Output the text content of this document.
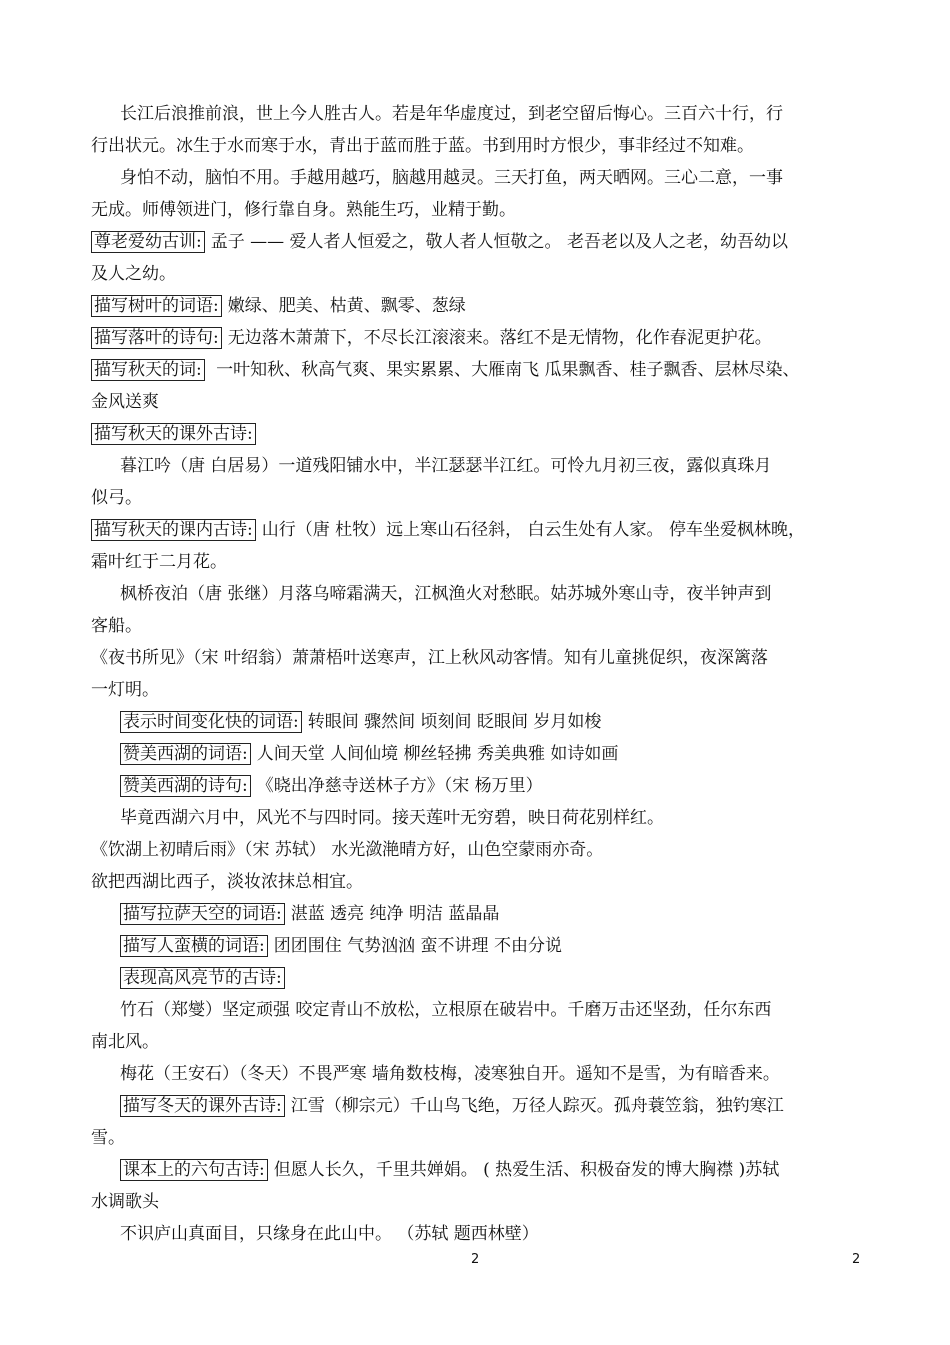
长江后浪推前浪，世上今人胜古人。若是年华虚度过，到老空留后悔心。三百六十行，行
行出状元。冰生于水而寒于水，青出于蓝而胜于蓝。书到用时方恨少，事非经过不知难。
身怕不动，脑怕不用。手越用越巧，脑越用越灵。三天打鱼，两天晒网。三心二意，一事
无成。师傅领进门，修行靠自身。熟能生巧，业精于勤。
尊老爱幼古训: 孟子 —— 爱人者人恒爱之，敬人者人恒敬之。 老吾老以及人之老，幼吾幼以
及人之幼。
描写树叶的词语: 嫩绿、肥美、枯黄、飘零、葱绿
描写落叶的诗句: 无边落木萧萧下，不尽长江滚滚来。落红不是无情物，化作春泥更护花。
描写秋天的词: 一叶知秋、秋高气爽、果实累累、大雁南飞 瓜果飘香、桂子飘香、层林尽染、
金风送爽
描写秋天的课外古诗:
暮江吟（唐 白居易）一道残阳铺水中，半江瑟瑟半江红。可怜九月初三夜，露似真珠月
似弓。
描写秋天的课内古诗: 山行（唐 杜牧）远上寒山石径斜， 白云生处有人家。 停车坐爱枫林晚，
霜叶红于二月花。
枫桥夜泊（唐 张继）月落乌啼霜满天，江枫渔火对愁眠。姑苏城外寒山寺，夜半钟声到
客船。
《夜书所见》（宋 叶绍翁）萧萧梧叶送寒声，江上秋风动客情。知有儿童挑促织，夜深篱落
一灯明。
表示时间变化快的词语: 转眼间 骤然间 顷刻间 眨眼间 岁月如梭
赞美西湖的词语: 人间天堂 人间仙境 柳丝轻拂 秀美典雅 如诗如画
赞美西湖的诗句: 《晓出净慈寺送林子方》（宋 杨万里）
毕竟西湖六月中，风光不与四时同。接天莲叶无穷碧，映日荷花别样红。
《饮湖上初晴后雨》（宋 苏轼） 水光潋滟晴方好，山色空蒙雨亦奇。
欲把西湖比西子，淡妆浓抹总相宜。
描写拉萨天空的词语: 湛蓝 透亮 纯净 明洁 蓝晶晶
描写人蛮横的词语: 团团围住 气势汹汹 蛮不讲理 不由分说
表现高风亮节的古诗:
竹石（郑燮）坚定顽强 咬定青山不放松，立根原在破岩中。千磨万击还坚劲，任尔东西
南北风。
梅花（王安石）（冬天）不畏严寒 墙角数枝梅，凌寒独自开。遥知不是雪，为有暗香来。
描写冬天的课外古诗: 江雪（柳宗元）千山鸟飞绝，万径人踪灭。孤舟蓑笠翁，独钓寒江
雪。
课本上的六句古诗: 但愿人长久，千里共婵娟。 ( 热爱生活、积极奋发的博大胸襟 )苏轼
水调歌头
不识庐山真面目，只缘身在此山中。 （苏轼 题西林壁）
2	2
